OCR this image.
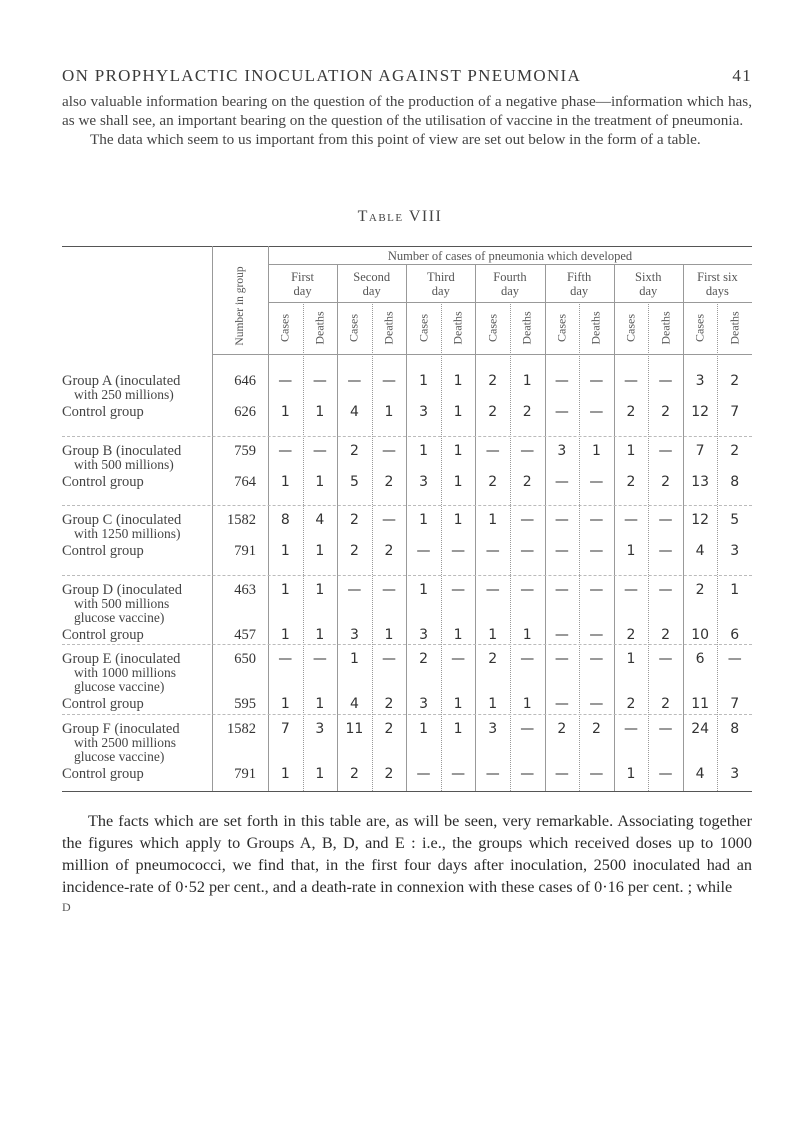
ON PROPHYLACTIC INOCULATION AGAINST PNEUMONIA	41

also valuable information bearing on the question of the production of a negative phase—information which has, as we shall see, an important bearing on the question of the utilisation of vaccine in the treatment of pneumonia.

The data which seem to us important from this point of view are set out below in the form of a table.

Table VIII
Number of cases of pneumonia which developed
Number in group	First
day
Cases Deaths
Second
day
Cases Deaths
Third
day
Cases Deaths
Fourth
day
Cases Deaths
Fifth
day
Cases Deaths
Sixth
day
Cases Deaths
First six
days
Cases Deaths
Group A (inoculated
with 250 millions)
646	—	—	—	—	1	1	2	1	—	—	—	—	3	2
Control group	626	1	1	4	1	3	1	2	2	—	—	2	2	12	7
Group B (inoculated
with 500 millions)
759	—	—	2	—	1	1	—	—	3	1	1	—	7	2
Control group	764	1	1	5	2	3	1	2	2	—	—	2	2	13	8
Group C (inoculated
with 1250 millions)
1582	8	4	2	—	1	1	1	—	—	—	—	—	12	5
Control group	791	1	1	2	2	—	—	—	—	—	—	1	—	4	3
Group D (inoculated
with 500 millions
glucose vaccine)
463	1	1	—	—	1	—	—	—	—	—	—	—	2	1
Control group	457	1	1	3	1	3	1	1	1	—	—	2	2	10	6
Group E (inoculated
with 1000 millions
glucose vaccine)
650	—	—	1	—	2	—	2	—	—	—	1	—	6	—
Control group	595	1	1	4	2	3	1	1	1	—	—	2	2	11	7
Group F (inoculated
with 2500 millions
glucose vaccine)
1582	7	3	11	2	1	1	3	—	2	2	—	—	24	8
Control group	791	1	1	2	2	—	—	—	—	—	—	1	—	4	3
The facts which are set forth in this table are, as will be seen, very remarkable. Associating together the figures which apply to Groups A, B, D, and E : i.e., the groups which received doses up to 1000 million of pneumococci, we find that, in the first four days after inoculation, 2500 inoculated had an incidence-rate of 0·52 per cent., and a death-rate in connexion with these cases of 0·16 per cent. ; while
D
